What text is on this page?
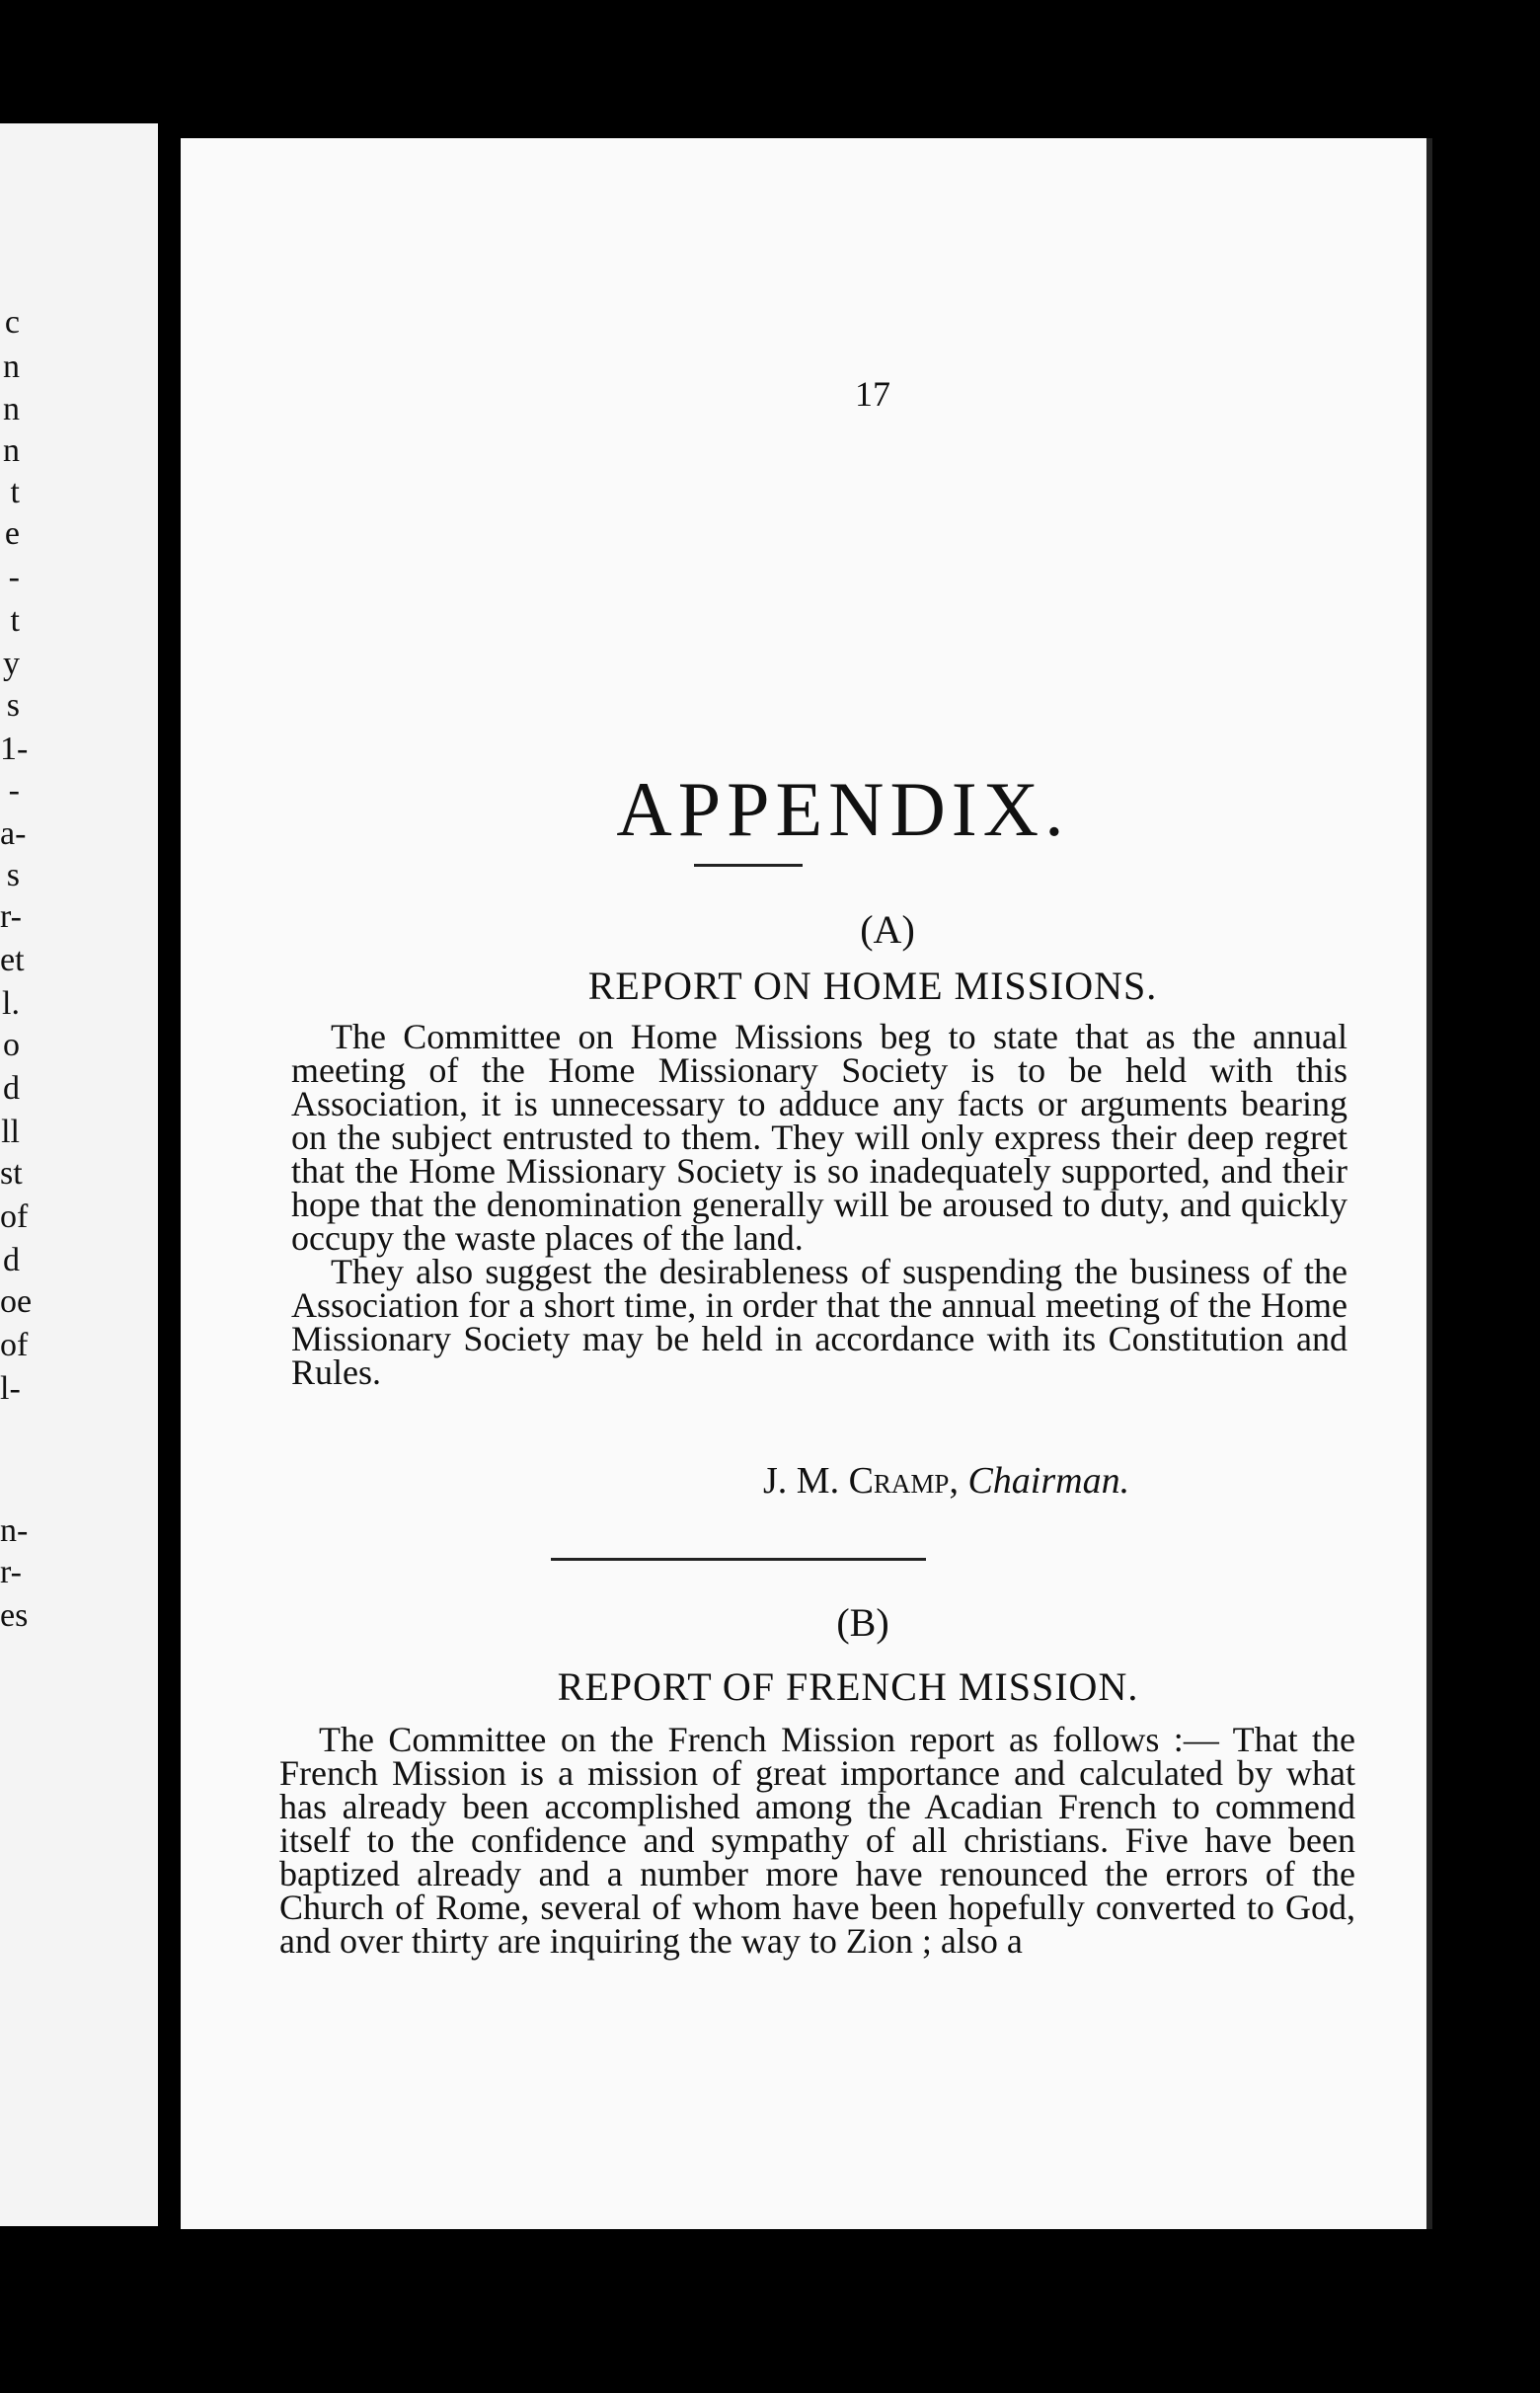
c
n
n
n
t
e
-
t
y
s
1-
-
a-
s
r-
et
l.
o
d
ll
st
of
d
oe
of
l-
n-
r-
es
17
APPENDIX.
(A)
REPORT ON HOME MISSIONS.

The Committee on Home Missions beg to state that as the annual meeting of the Home Missionary Society is to be held with this Association, it is unnecessary to adduce any facts or arguments bearing on the subject entrusted to them. They will only express their deep regret that the Home Missionary Society is so inadequately supported, and their hope that the denomination generally will be aroused to duty, and quickly occupy the waste places of the land.

They also suggest the desirableness of suspending the business of the Association for a short time, in order that the annual meeting of the Home Missionary Society may be held in accordance with its Constitution and Rules.

J. M. Cramp, Chairman.
(B)
REPORT OF FRENCH MISSION.

The Committee on the French Mission report as follows :— That the French Mission is a mission of great importance and calculated by what has already been accomplished among the Acadian French to commend itself to the confidence and sympathy of all christians. Five have been baptized already and a number more have renounced the errors of the Church of Rome, several of whom have been hopefully converted to God, and over thirty are inquiring the way to Zion ; also a
